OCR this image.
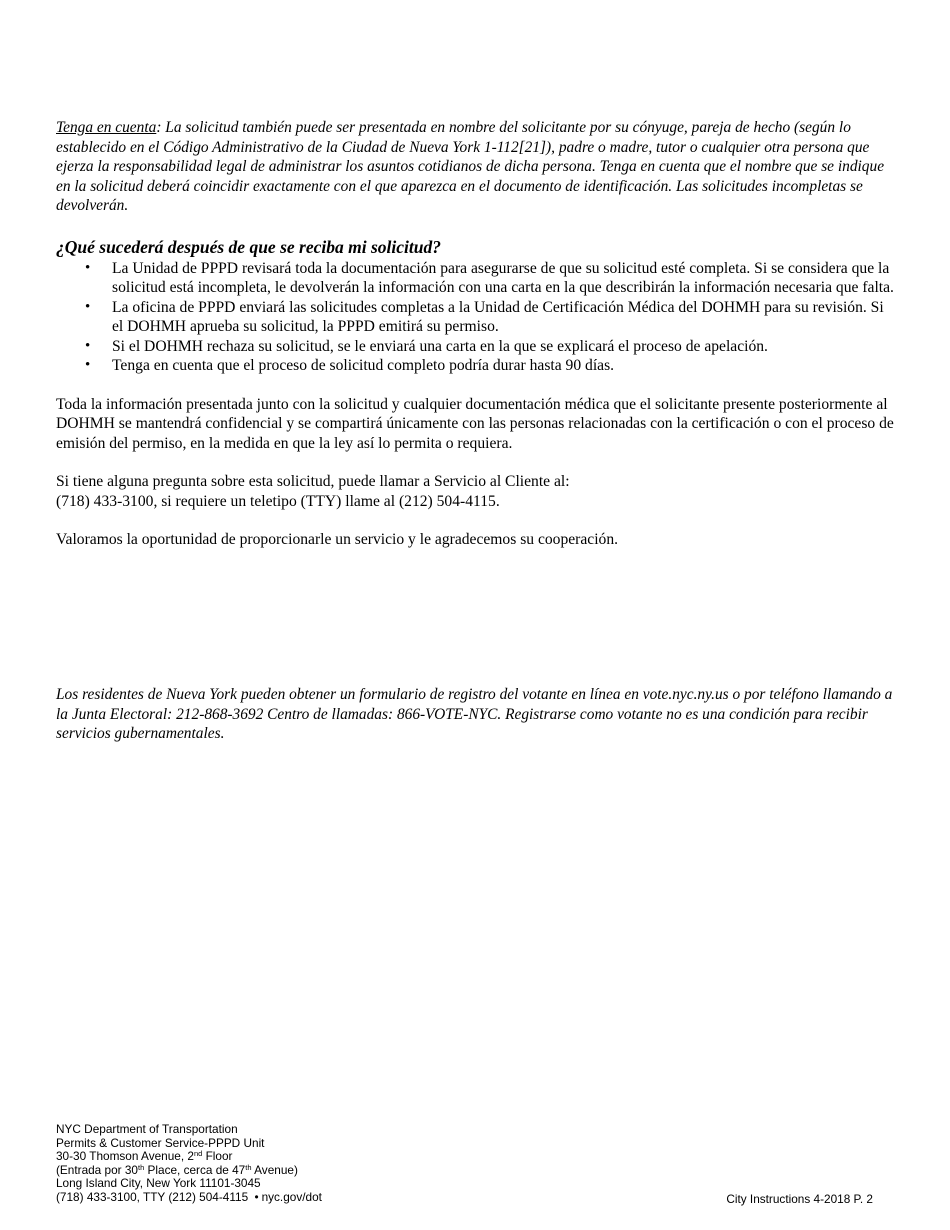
Tenga en cuenta: La solicitud también puede ser presentada en nombre del solicitante por su cónyuge, pareja de hecho (según lo establecido en el Código Administrativo de la Ciudad de Nueva York 1-112[21]), padre o madre, tutor o cualquier otra persona que ejerza la responsabilidad legal de administrar los asuntos cotidianos de dicha persona. Tenga en cuenta que el nombre que se indique en la solicitud deberá coincidir exactamente con el que aparezca en el documento de identificación. Las solicitudes incompletas se devolverán.

¿Qué sucederá después de que se reciba mi solicitud?
• La Unidad de PPPD revisará toda la documentación para asegurarse de que su solicitud esté completa. Si se considera que la solicitud está incompleta, le devolverán la información con una carta en la que describirán la información necesaria que falta.
• La oficina de PPPD enviará las solicitudes completas a la Unidad de Certificación Médica del DOHMH para su revisión. Si el DOHMH aprueba su solicitud, la PPPD emitirá su permiso.
• Si el DOHMH rechaza su solicitud, se le enviará una carta en la que se explicará el proceso de apelación.
• Tenga en cuenta que el proceso de solicitud completo podría durar hasta 90 días.

Toda la información presentada junto con la solicitud y cualquier documentación médica que el solicitante presente posteriormente al DOHMH se mantendrá confidencial y se compartirá únicamente con las personas relacionadas con la certificación o con el proceso de emisión del permiso, en la medida en que la ley así lo permita o requiera.

Si tiene alguna pregunta sobre esta solicitud, puede llamar a Servicio al Cliente al:
(718) 433-3100, si requiere un teletipo (TTY) llame al (212) 504-4115.

Valoramos la oportunidad de proporcionarle un servicio y le agradecemos su cooperación.

Los residentes de Nueva York pueden obtener un formulario de registro del votante en línea en vote.nyc.ny.us o por teléfono llamando a la Junta Electoral: 212-868-3692 Centro de llamadas: 866-VOTE-NYC. Registrarse como votante no es una condición para recibir servicios gubernamentales.

NYC Department of Transportation
Permits & Customer Service-PPPD Unit
30-30 Thomson Avenue, 2nd Floor
(Entrada por 30th Place, cerca de 47th Avenue)
Long Island City, New York 11101-3045
(718) 433-3100, TTY (212) 504-4115 • nyc.gov/dot	City Instructions 4-2018 P. 2
